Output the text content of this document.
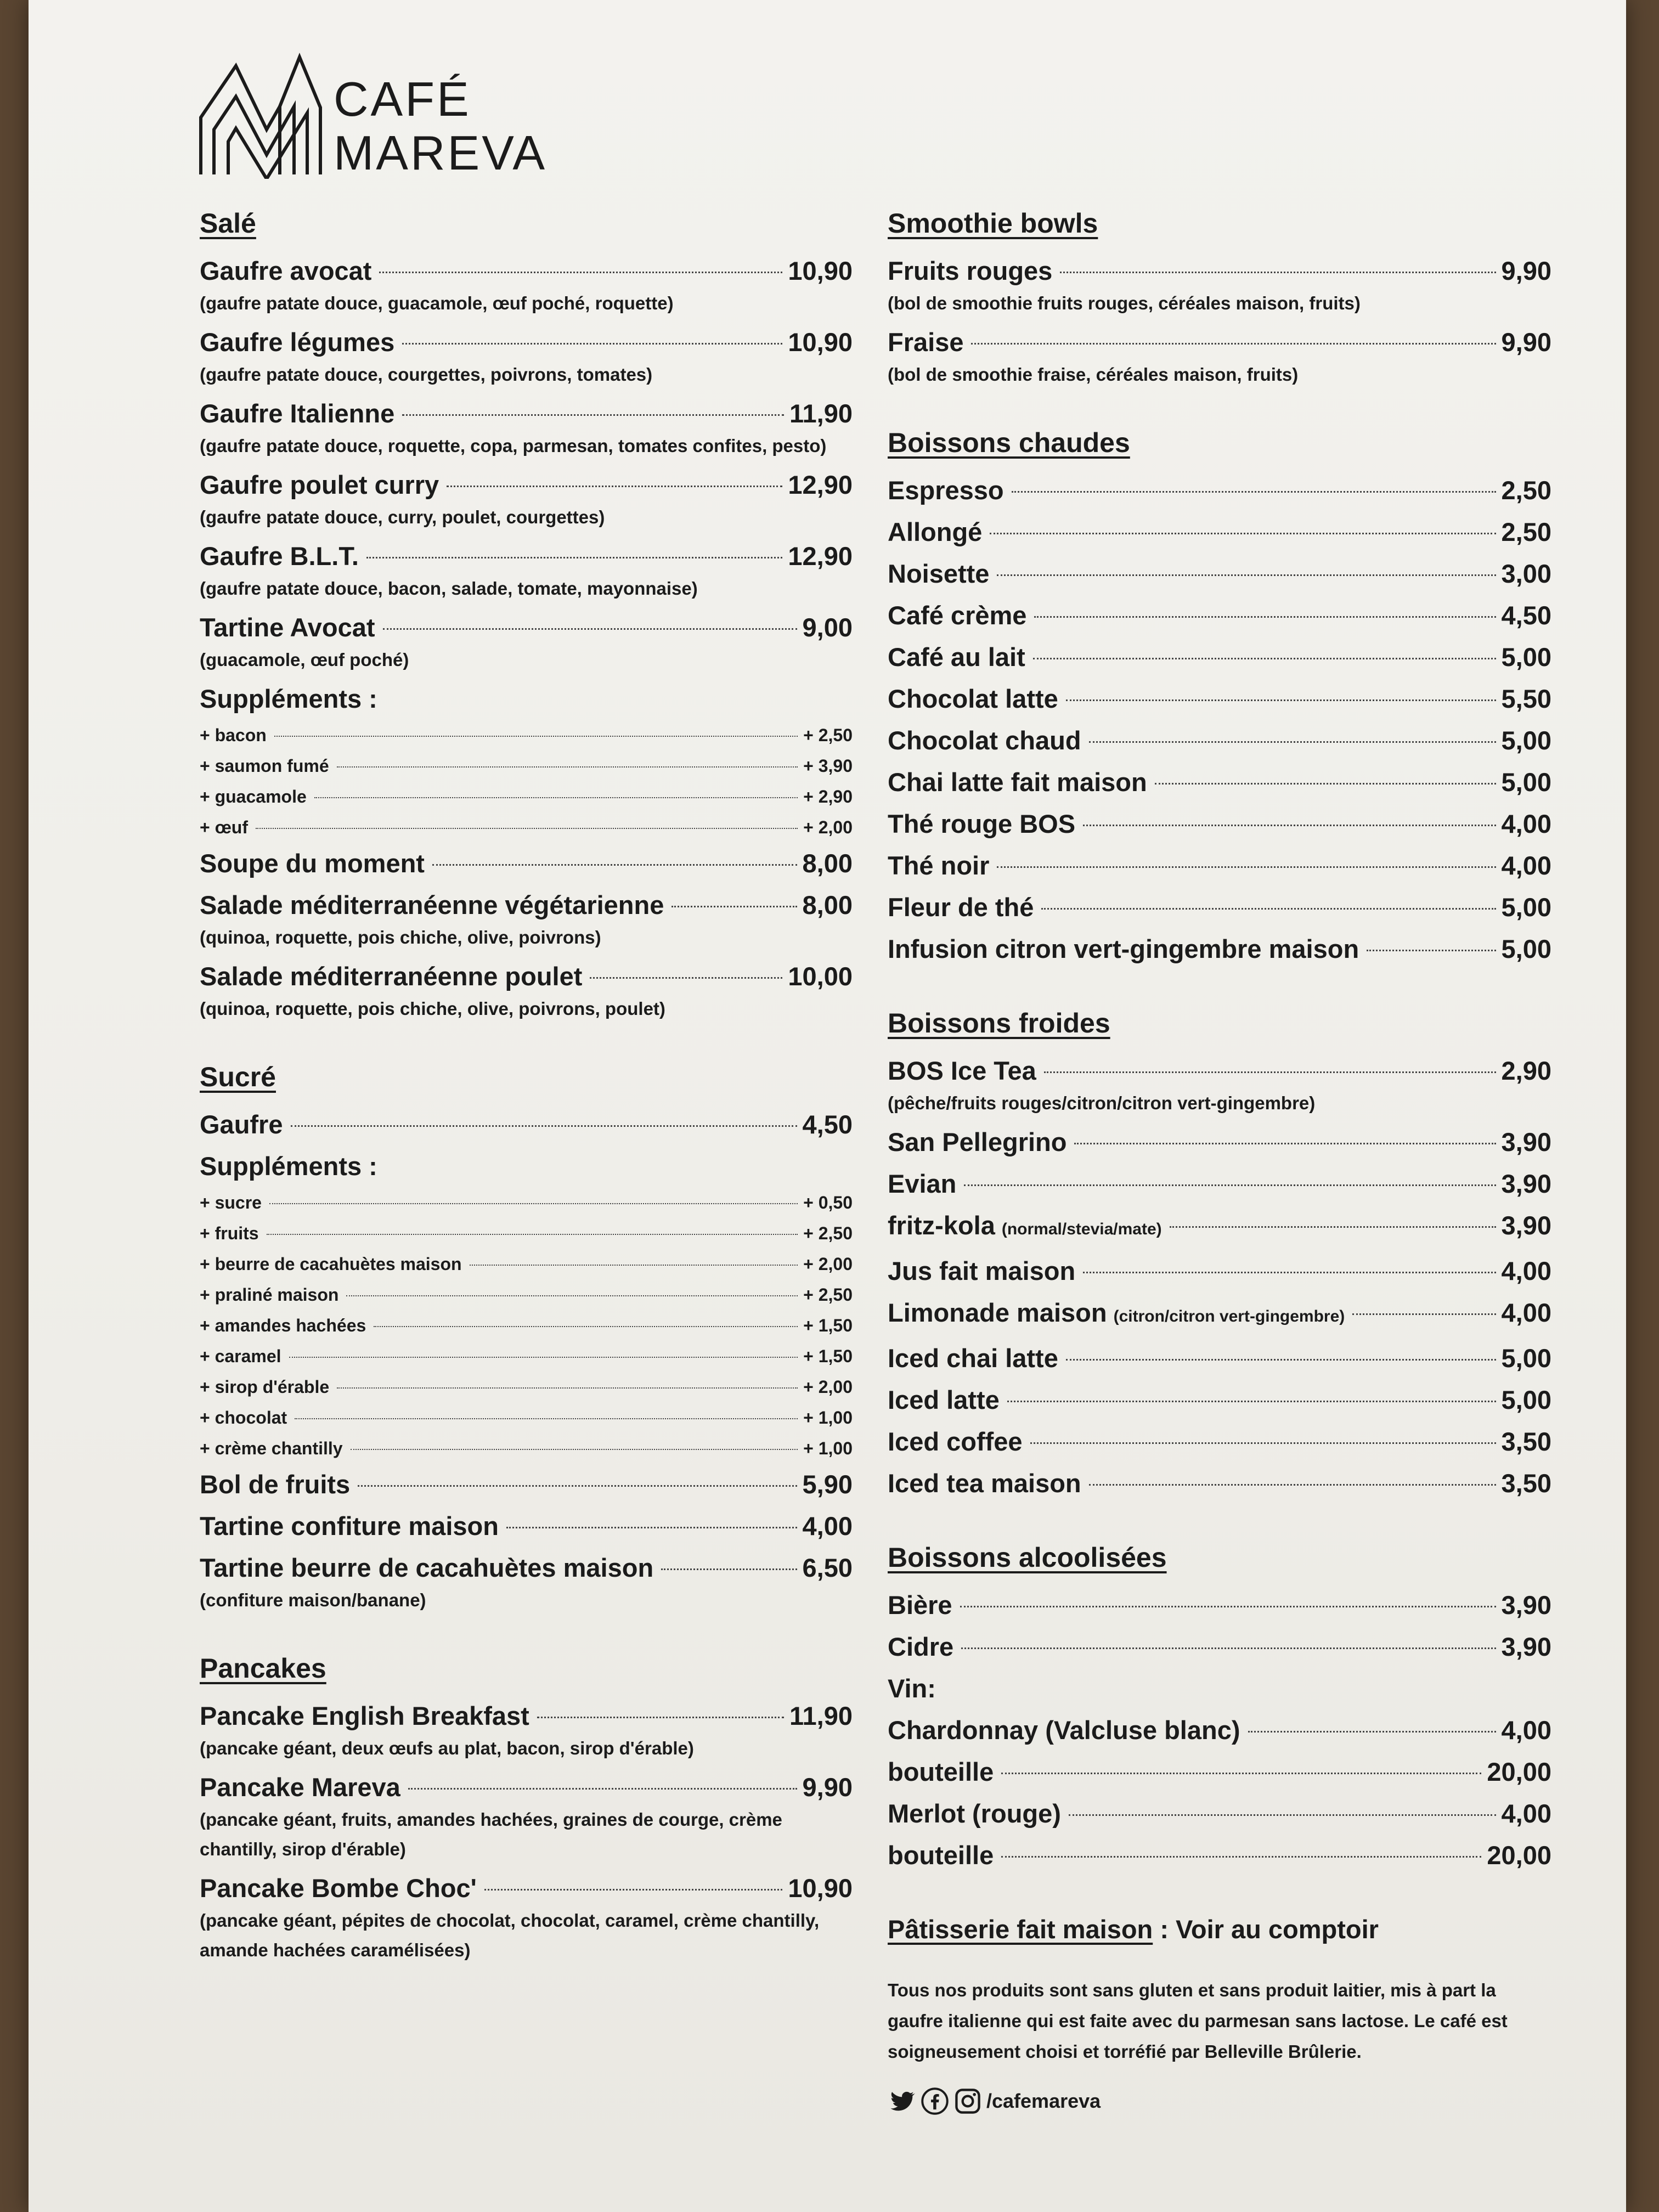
CAFÉ
MAREVA
Salé
Gaufre avocat	10,90
(gaufre patate douce, guacamole, œuf poché, roquette)
Gaufre légumes	10,90
(gaufre patate douce, courgettes, poivrons, tomates)
Gaufre Italienne	11,90
(gaufre patate douce, roquette, copa, parmesan, tomates confites, pesto)
Gaufre poulet curry	12,90
(gaufre patate douce, curry, poulet, courgettes)
Gaufre B.L.T.	12,90
(gaufre patate douce, bacon, salade, tomate, mayonnaise)
Tartine Avocat	9,00
(guacamole, œuf poché)
Suppléments :
+ bacon	+ 2,50
+ saumon fumé	+ 3,90
+ guacamole	+ 2,90
+ œuf	+ 2,00
Soupe du moment	8,00
Salade méditerranéenne végétarienne	8,00
(quinoa, roquette, pois chiche, olive, poivrons)
Salade méditerranéenne poulet	10,00
(quinoa, roquette, pois chiche, olive, poivrons, poulet)
Sucré
Gaufre	4,50
Suppléments :
+ sucre	+ 0,50
+ fruits	+ 2,50
+ beurre de cacahuètes maison	+ 2,00
+ praliné maison	+ 2,50
+ amandes hachées	+ 1,50
+ caramel	+ 1,50
+ sirop d'érable	+ 2,00
+ chocolat	+ 1,00
+ crème chantilly	+ 1,00
Bol de fruits	5,90
Tartine confiture maison	4,00
Tartine beurre de cacahuètes maison	6,50
(confiture maison/banane)
Pancakes
Pancake English Breakfast	11,90
(pancake géant, deux œufs au plat, bacon, sirop d'érable)
Pancake Mareva	9,90
(pancake géant, fruits, amandes hachées, graines de courge, crème chantilly, sirop d'érable)
Pancake Bombe Choc'	10,90
(pancake géant, pépites de chocolat, chocolat, caramel, crème chantilly, amande hachées caramélisées)
Smoothie bowls
Fruits rouges	9,90
(bol de smoothie fruits rouges, céréales maison, fruits)
Fraise	9,90
(bol de smoothie fraise, céréales maison, fruits)
Boissons chaudes
Espresso	2,50
Allongé	2,50
Noisette	3,00
Café crème	4,50
Café au lait	5,00
Chocolat latte	5,50
Chocolat chaud	5,00
Chai latte fait maison	5,00
Thé rouge BOS	4,00
Thé noir	4,00
Fleur de thé	5,00
Infusion citron vert-gingembre maison	5,00
Boissons froides
BOS Ice Tea	2,90
(pêche/fruits rouges/citron/citron vert-gingembre)
San Pellegrino	3,90
Evian	3,90
fritz-kola (normal/stevia/mate)	3,90
Jus fait maison	4,00
Limonade maison (citron/citron vert-gingembre)	4,00
Iced chai latte	5,00
Iced latte	5,00
Iced coffee	3,50
Iced tea maison	3,50
Boissons alcoolisées
Bière	3,90
Cidre	3,90
Vin:
Chardonnay (Valcluse blanc)	4,00
bouteille	20,00
Merlot (rouge)	4,00
bouteille	20,00
Pâtisserie fait maison : Voir au comptoir
Tous nos produits sont sans gluten et sans produit laitier, mis à part la gaufre italienne qui est faite avec du parmesan sans lactose. Le café est soigneusement choisi et torréfié par Belleville Brûlerie.
/cafemareva
